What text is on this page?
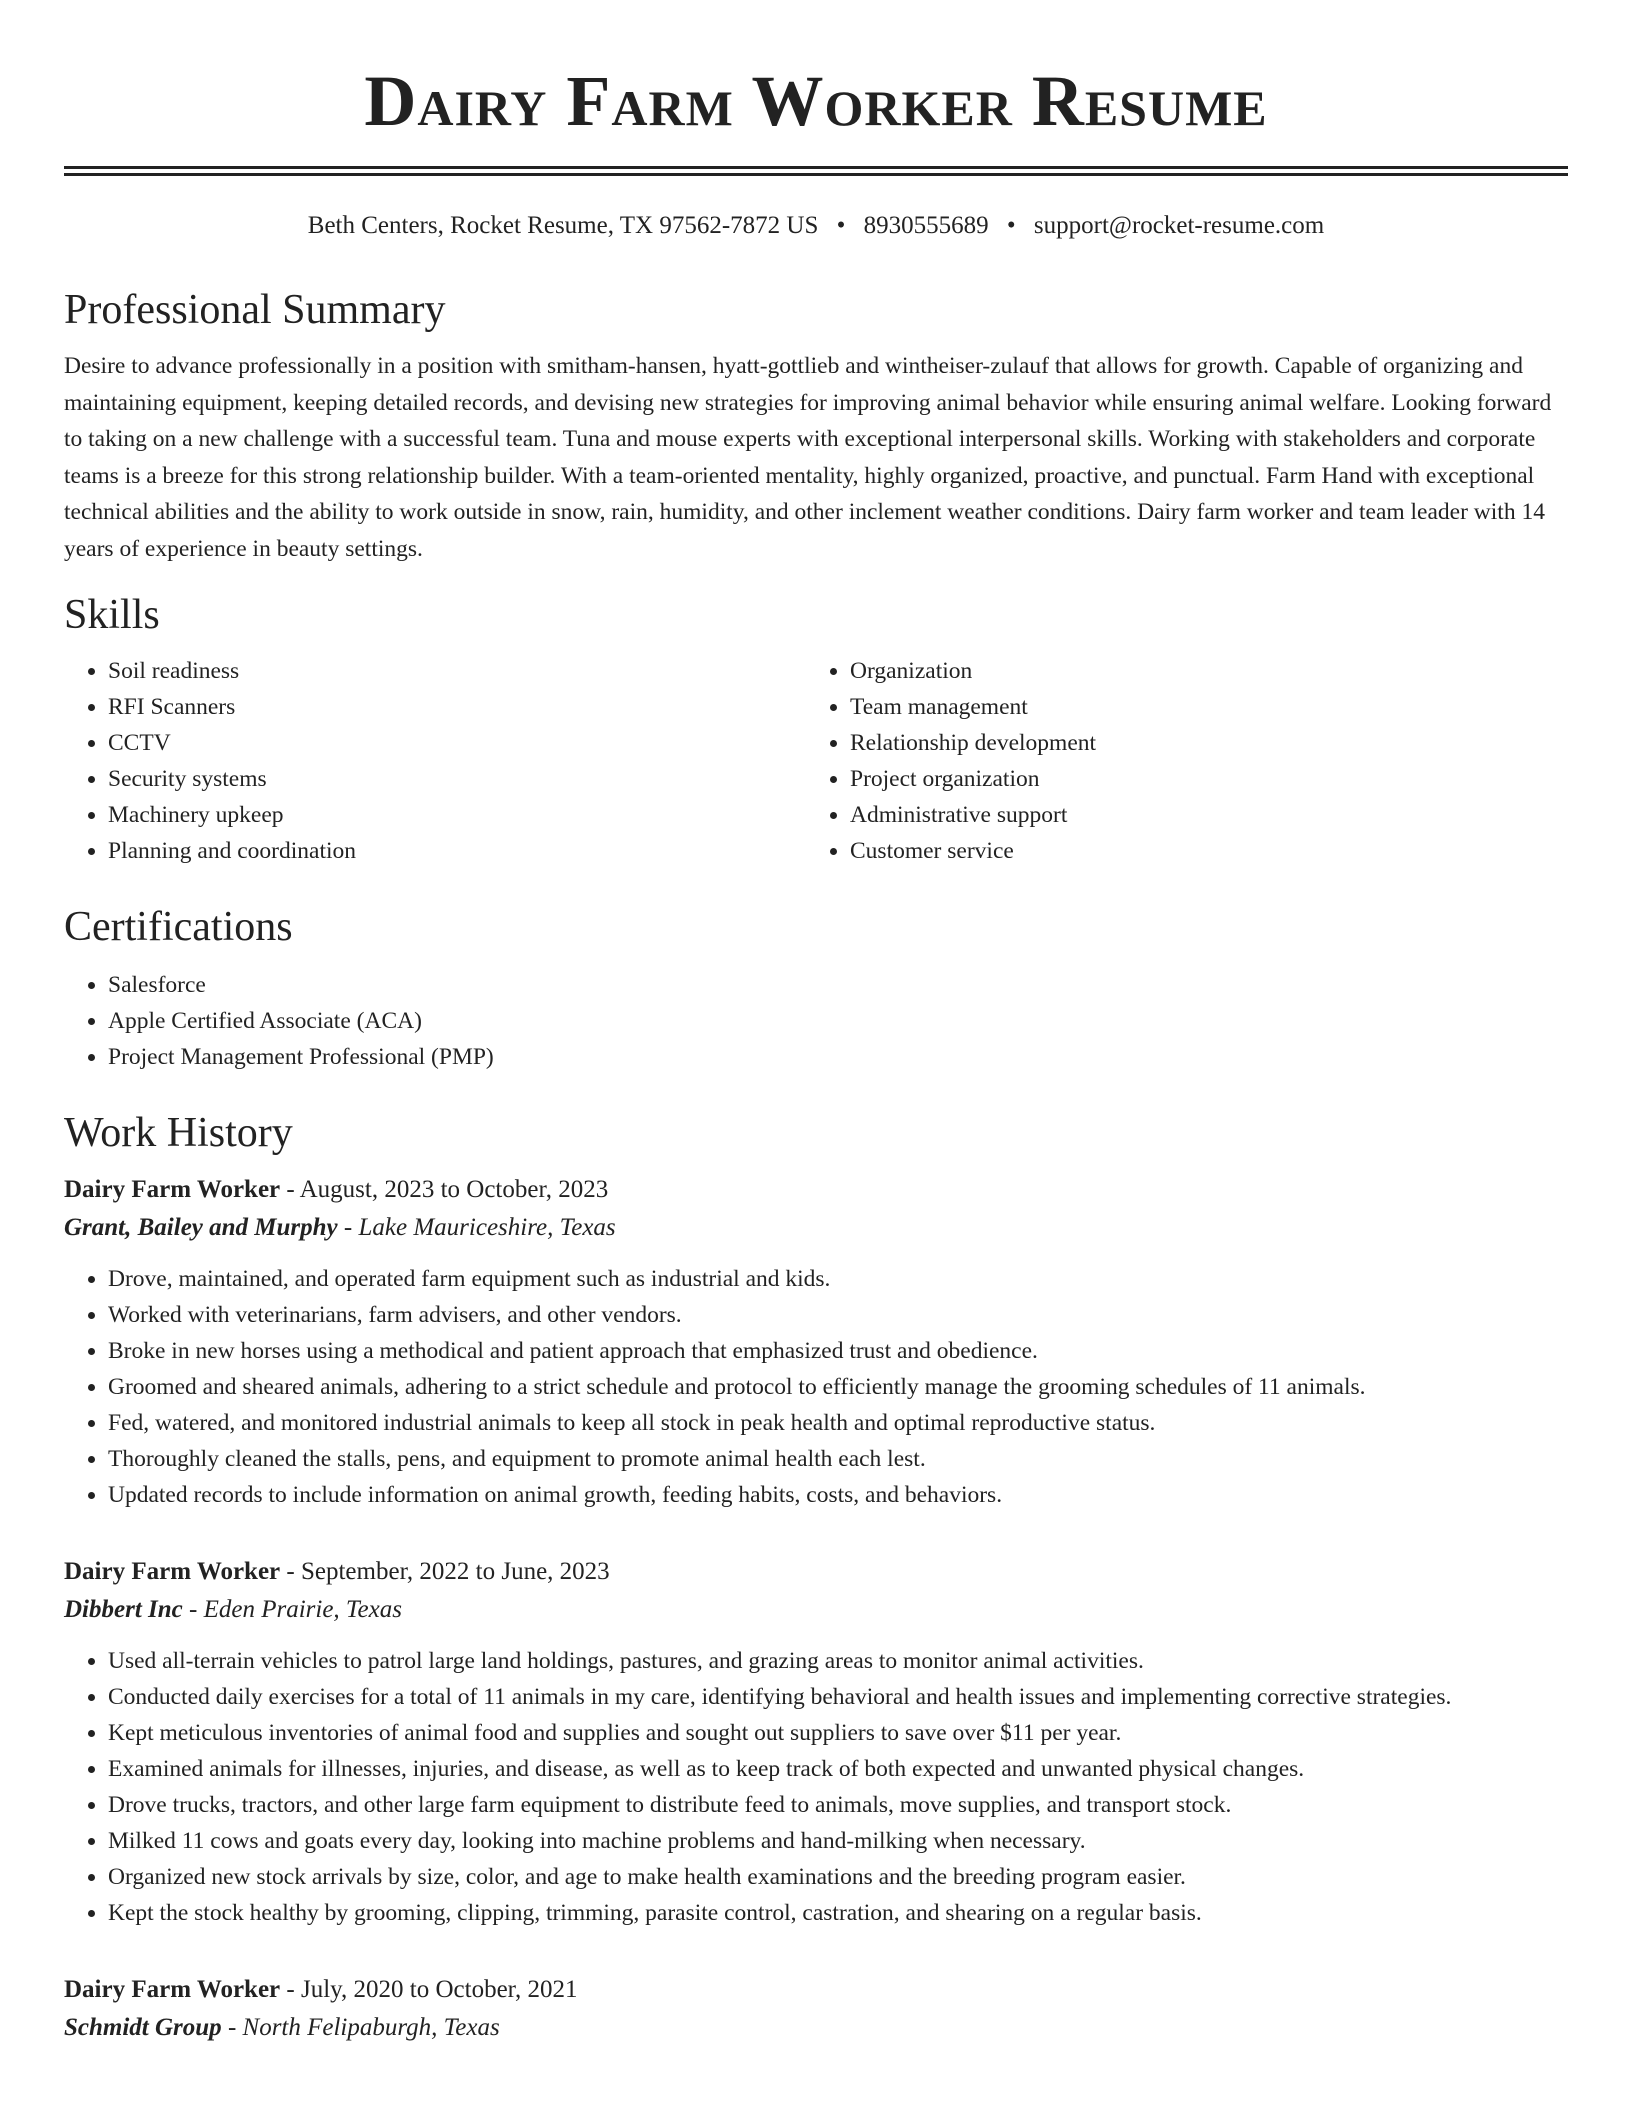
Dairy Farm Worker Resume
Beth Centers, Rocket Resume, TX 97562-7872 US • 8930555689 • support@rocket-resume.com
Professional Summary

Desire to advance professionally in a position with smitham-hansen, hyatt-gottlieb and wintheiser-zulauf that allows for growth. Capable of organizing and maintaining equipment, keeping detailed records, and devising new strategies for improving animal behavior while ensuring animal welfare. Looking forward to taking on a new challenge with a successful team. Tuna and mouse experts with exceptional interpersonal skills. Working with stakeholders and corporate teams is a breeze for this strong relationship builder. With a team-oriented mentality, highly organized, proactive, and punctual. Farm Hand with exceptional technical abilities and the ability to work outside in snow, rain, humidity, and other inclement weather conditions. Dairy farm worker and team leader with 14 years of experience in beauty settings.

Skills
• Soil readiness
• RFI Scanners
• CCTV
• Security systems
• Machinery upkeep
• Planning and coordination
• Organization
• Team management
• Relationship development
• Project organization
• Administrative support
• Customer service
Certifications
• Salesforce
• Apple Certified Associate (ACA)
• Project Management Professional (PMP)
Work History
Dairy Farm Worker - August, 2023 to October, 2023
Grant, Bailey and Murphy - Lake Mauriceshire, Texas
• Drove, maintained, and operated farm equipment such as industrial and kids.
• Worked with veterinarians, farm advisers, and other vendors.
• Broke in new horses using a methodical and patient approach that emphasized trust and obedience.
• Groomed and sheared animals, adhering to a strict schedule and protocol to efficiently manage the grooming schedules of 11 animals.
• Fed, watered, and monitored industrial animals to keep all stock in peak health and optimal reproductive status.
• Thoroughly cleaned the stalls, pens, and equipment to promote animal health each lest.
• Updated records to include information on animal growth, feeding habits, costs, and behaviors.
Dairy Farm Worker - September, 2022 to June, 2023
Dibbert Inc - Eden Prairie, Texas
• Used all-terrain vehicles to patrol large land holdings, pastures, and grazing areas to monitor animal activities.
• Conducted daily exercises for a total of 11 animals in my care, identifying behavioral and health issues and implementing corrective strategies.
• Kept meticulous inventories of animal food and supplies and sought out suppliers to save over $11 per year.
• Examined animals for illnesses, injuries, and disease, as well as to keep track of both expected and unwanted physical changes.
• Drove trucks, tractors, and other large farm equipment to distribute feed to animals, move supplies, and transport stock.
• Milked 11 cows and goats every day, looking into machine problems and hand-milking when necessary.
• Organized new stock arrivals by size, color, and age to make health examinations and the breeding program easier.
• Kept the stock healthy by grooming, clipping, trimming, parasite control, castration, and shearing on a regular basis.
Dairy Farm Worker - July, 2020 to October, 2021
Schmidt Group - North Felipaburgh, Texas
